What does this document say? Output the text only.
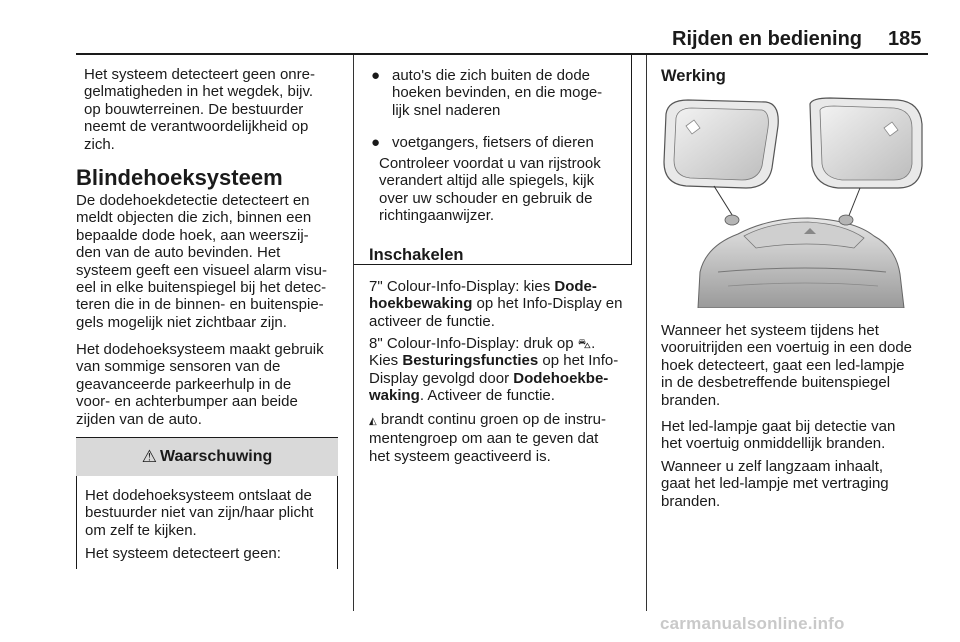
Rijden en bediening 185

Het systeem detecteert geen onre‐

gelmatigheden in het wegdek, bijv.

op bouwterreinen. De bestuurder

neemt de verantwoordelijkheid op

zich.

Blindehoeksysteem

De dodehoekdetectie detecteert en

meldt objecten die zich, binnen een

bepaalde dode hoek, aan weerszij‐

den van de auto bevinden. Het

systeem geeft een visueel alarm visu‐

eel in elke buitenspiegel bij het detec‐

teren die in de binnen- en buitenspie‐

gels mogelijk niet zichtbaar zijn.

Het dodehoeksysteem maakt gebruik

van sommige sensoren van de

geavanceerde parkeerhulp in de

voor- en achterbumper aan beide

zijden van de auto.

⚠ Waarschuwing

Het dodehoeksysteem ontslaat de

bestuurder niet van zijn/haar plicht

om zelf te kijken.

Het systeem detecteert geen:

● auto's die zich buiten de dode

hoeken bevinden, en die moge‐

lijk snel naderen

● voetgangers, fietsers of dieren

Controleer voordat u van rijstrook

verandert altijd alle spiegels, kijk

over uw schouder en gebruik de

richtingaanwijzer.

Inschakelen

7" Colour-Info-Display: kies Dode‐

hoekbewaking op het Info-Display en

activeer de functie.

8" Colour-Info-Display: druk op ⛍.

Kies Besturingsfuncties op het Info-

Display gevolgd door Dodehoekbe‐

waking. Activeer de functie.

◭ brandt continu groen op de instru‐

mentengroep om aan te geven dat

het systeem geactiveerd is.

Werking

Wanneer het systeem tijdens het

vooruitrijden een voertuig in een dode

hoek detecteert, gaat een led-lampje

in de desbetreffende buitenspiegel

branden.

Het led-lampje gaat bij detectie van

het voertuig onmiddellijk branden.

Wanneer u zelf langzaam inhaalt,

gaat het led-lampje met vertraging

branden.

carmanualsonline.info
